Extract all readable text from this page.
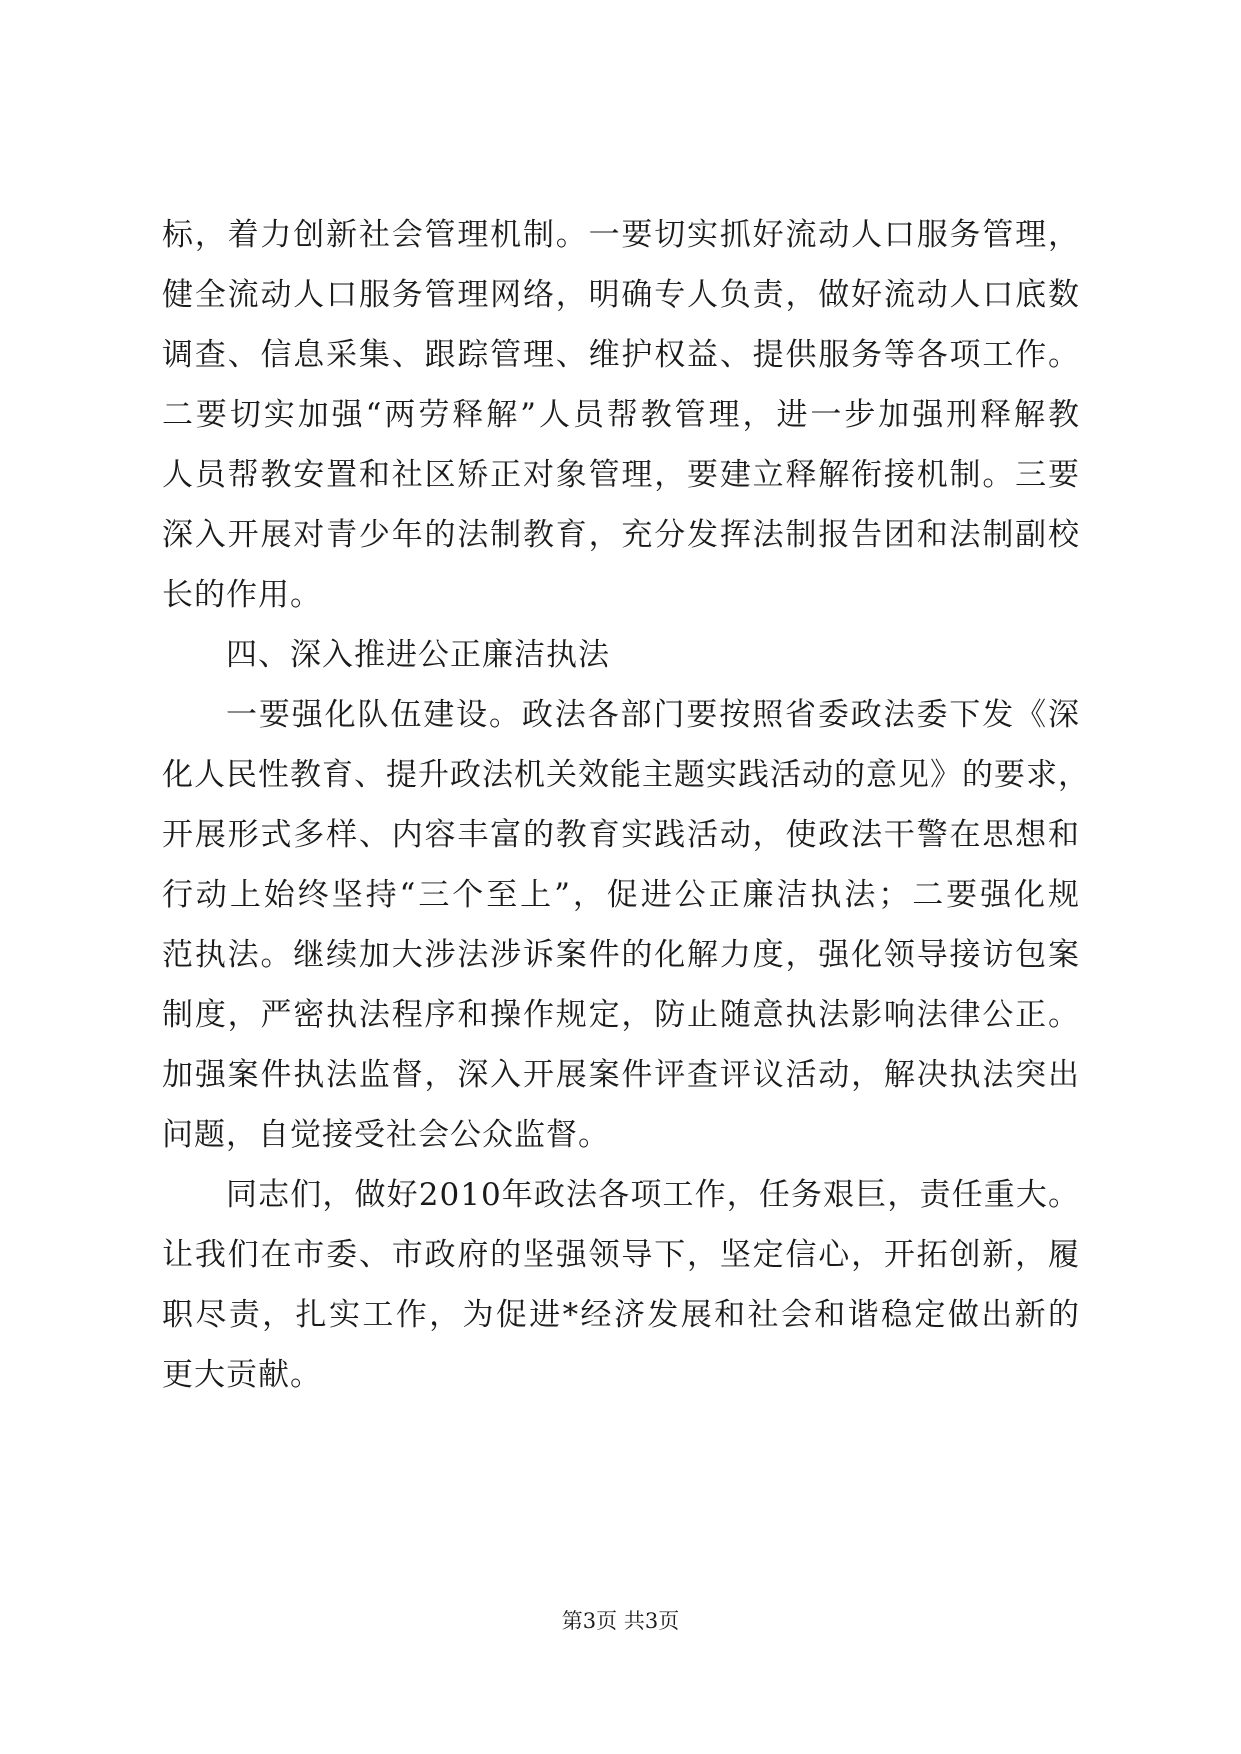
标，着力创新社会管理机制。一要切实抓好流动人口服务管理，
健全流动人口服务管理网络，明确专人负责，做好流动人口底数
调查、信息采集、跟踪管理、维护权益、提供服务等各项工作。
二要切实加强“两劳释解”人员帮教管理，进一步加强刑释解教
人员帮教安置和社区矫正对象管理，要建立释解衔接机制。三要
深入开展对青少年的法制教育，充分发挥法制报告团和法制副校
长的作用。
四、深入推进公正廉洁执法
一要强化队伍建设。政法各部门要按照省委政法委下发《深
化人民性教育、提升政法机关效能主题实践活动的意见》的要求，
开展形式多样、内容丰富的教育实践活动，使政法干警在思想和
行动上始终坚持“三个至上”，促进公正廉洁执法；二要强化规
范执法。继续加大涉法涉诉案件的化解力度，强化领导接访包案
制度，严密执法程序和操作规定，防止随意执法影响法律公正。
加强案件执法监督，深入开展案件评查评议活动，解决执法突出
问题，自觉接受社会公众监督。
同志们，做好2010年政法各项工作，任务艰巨，责任重大。
让我们在市委、市政府的坚强领导下，坚定信心，开拓创新，履
职尽责，扎实工作，为促进*经济发展和社会和谐稳定做出新的
更大贡献。
第3页 共3页
